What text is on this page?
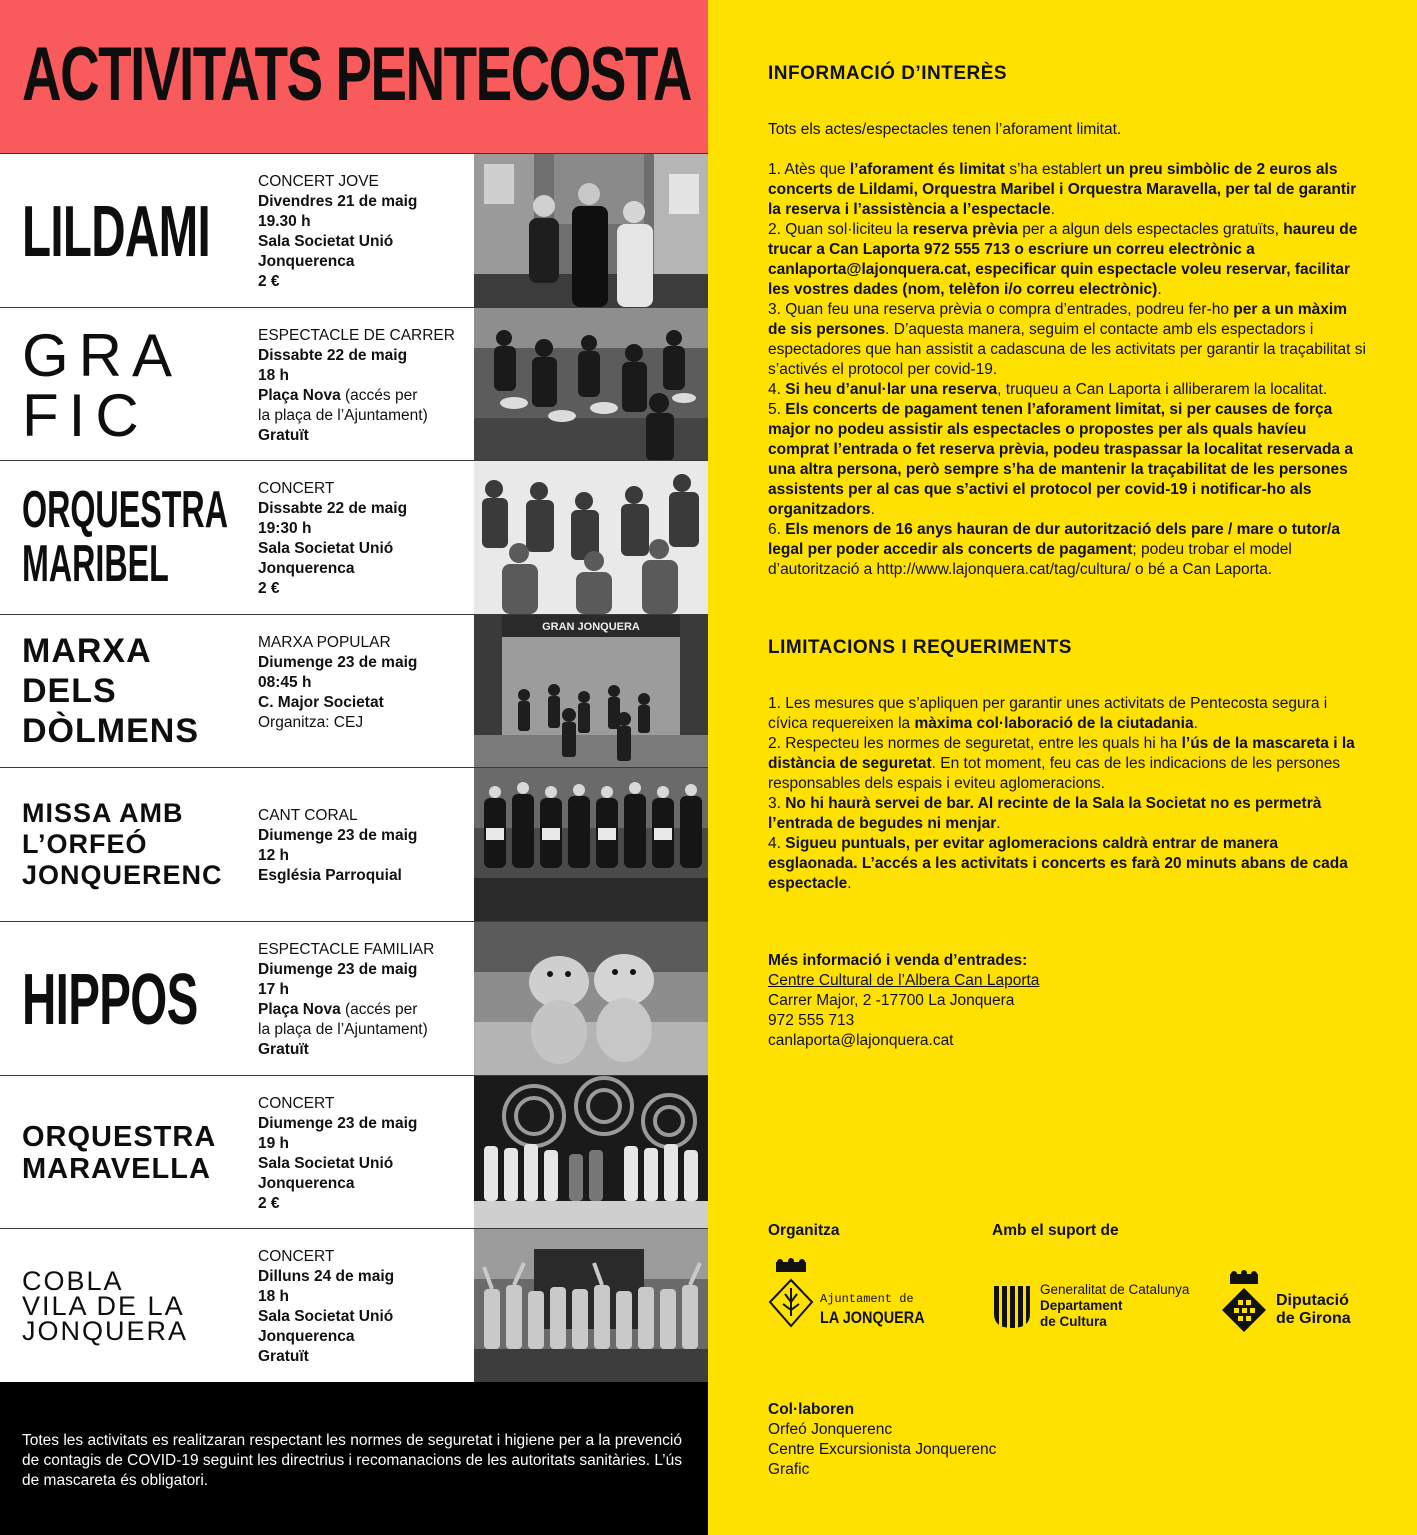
ACTIVITATS PENTECOSTA
LILDAMI
CONCERT JOVE
Divendres 21 de maig
19.30 h
Sala Societat Unió
Jonquerenca
2 €
GRA
FIC
ESPECTACLE DE CARRER
Dissabte 22 de maig
18 h
Plaça Nova (accés per
la plaça de l’Ajuntament)
Gratuït
ORQUESTRA
MARIBEL
CONCERT
Dissabte 22 de maig
19:30 h
Sala Societat Unió
Jonquerenca
2 €
MARXA
DELS
DÒLMENS
MARXA POPULAR
Diumenge 23 de maig
08:45 h
C. Major Societat
Organitza: CEJ
GRAN JONQUERA
MISSA AMB
L’ORFEÓ
JONQUERENC
CANT CORAL
Diumenge 23 de maig
12 h
Església Parroquial
HIPPOS
ESPECTACLE FAMILIAR
Diumenge 23 de maig
17 h
Plaça Nova (accés per
la plaça de l’Ajuntament)
Gratuït
ORQUESTRA
MARAVELLA
CONCERT
Diumenge 23 de maig
19 h
Sala Societat Unió
Jonquerenca
2 €
COBLA
VILA DE LA
JONQUERA
CONCERT
Dilluns 24 de maig
18 h
Sala Societat Unió
Jonquerenca
Gratuït

Totes les activitats es realitzaran respectant les normes de seguretat i higiene per a la prevenció de contagis de COVID-19 seguint les directrius i recomanacions de les autoritats sanitàries. L’ús de mascareta és obligatori.

INFORMACIÓ D’INTERÈS

Tots els actes/espectacles tenen l’aforament limitat.

1. Atès que l’aforament és limitat s’ha establert un preu simbòlic de 2 euros als concerts de Lildami, Orquestra Maribel i Orquestra Maravella, per tal de garantir la reserva i l’assistència a l’espectacle.

2. Quan sol·liciteu la reserva prèvia per a algun dels espectacles gratuïts, haureu de trucar a Can Laporta 972 555 713 o escriure un correu electrònic a canlaporta@lajonquera.cat, especificar quin espectacle voleu reservar, facilitar les vostres dades (nom, telèfon i/o correu electrònic).

3. Quan feu una reserva prèvia o compra d’entrades, podreu fer-ho per a un màxim de sis persones. D’aquesta manera, seguim el contacte amb els espectadors i espectadores que han assistit a cadascuna de les activitats per garantir la traçabilitat si s’activés el protocol per covid-19.

4. Si heu d’anul·lar una reserva, truqueu a Can Laporta i alliberarem la localitat.

5. Els concerts de pagament tenen l’aforament limitat, si per causes de força major no podeu assistir als espectacles o propostes per als quals havíeu comprat l’entrada o fet reserva prèvia, podeu traspassar la localitat reservada a una altra persona, però sempre s’ha de mantenir la traçabilitat de les persones assistents per al cas que s’activi el protocol per covid-19 i notificar-ho als organitzadors.

6. Els menors de 16 anys hauran de dur autorització dels pare / mare o tutor/a legal per poder accedir als concerts de pagament; podeu trobar el model d’autorització a http://www.lajonquera.cat/tag/cultura/ o bé a Can Laporta.

LIMITACIONS I REQUERIMENTS

1. Les mesures que s’apliquen per garantir unes activitats de Pentecosta segura i cívica requereixen la màxima col·laboració de la ciutadania.

2. Respecteu les normes de seguretat, entre les quals hi ha l’ús de la mascareta i la distància de seguretat. En tot moment, feu cas de les indicacions de les persones responsables dels espais i eviteu aglomeracions.

3. No hi haurà servei de bar. Al recinte de la Sala la Societat no es permetrà l’entrada de begudes ni menjar.

4. Sigueu puntuals, per evitar aglomeracions caldrà entrar de manera esglaonada. L’accés a les activitats i concerts es farà 20 minuts abans de cada espectacle.

Més informació i venda d’entrades:

Centre Cultural de l’Albera Can Laporta

Carrer Major, 2 -17700 La Jonquera

972 555 713

canlaporta@lajonquera.cat

Organitza	Amb el suport de
Ajuntament de
LA JONQUERA
Generalitat de Catalunya
Departament
de Cultura
Diputació
de Girona

Col·laboren

Orfeó Jonquerenc

Centre Excursionista Jonquerenc

Grafic
